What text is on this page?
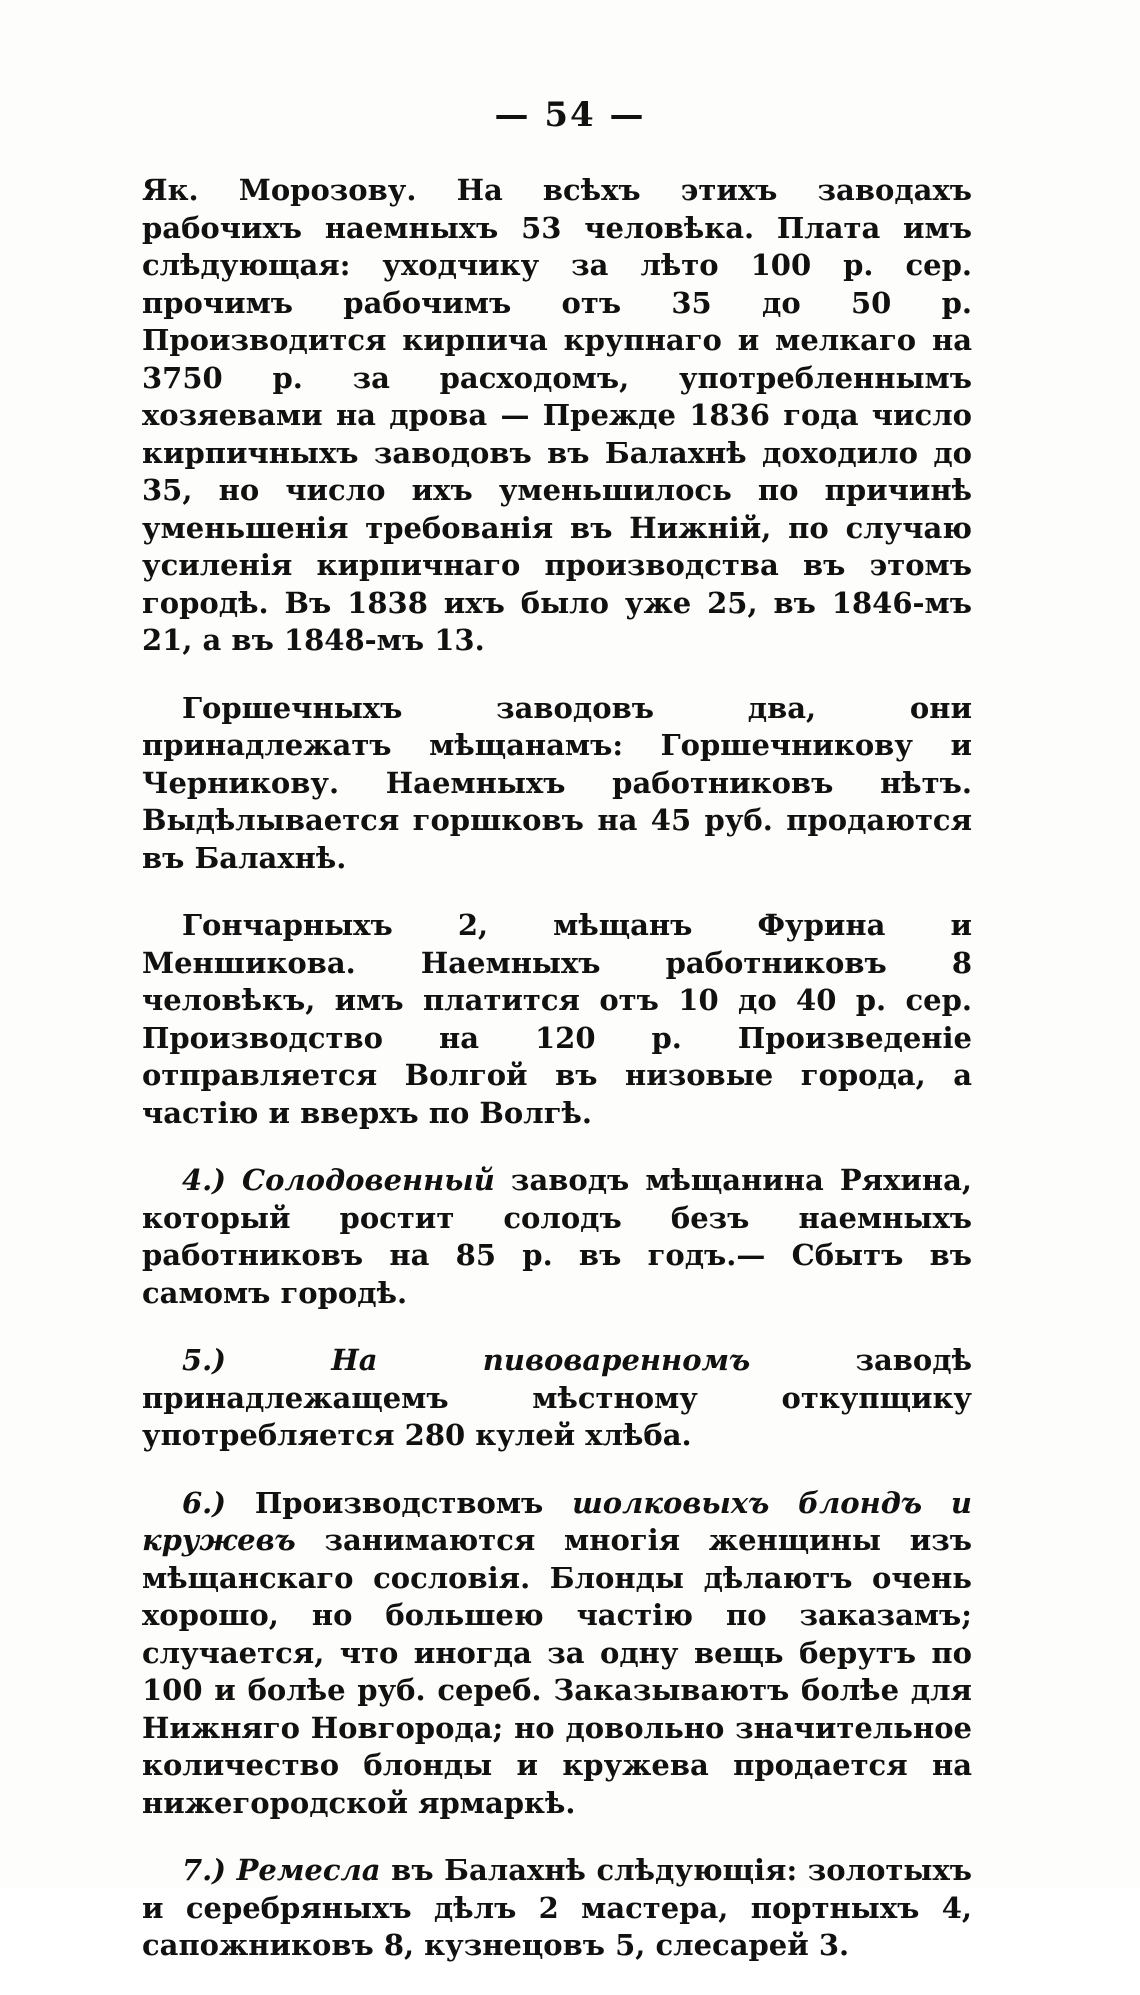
— 54 —

Як. Морозову. На всѣхъ этихъ заводахъ рабочихъ наемныхъ 53 человѣка. Плата имъ слѣдующая: уходчику за лѣто 100 р. сер. прочимъ рабочимъ отъ 35 до 50 р. Производится кирпича крупнаго и мелкаго на 3750 р. за расходомъ, употребленнымъ хозяевами на дрова — Прежде 1836 года число кирпичныхъ заводовъ въ Балахнѣ доходило до 35, но число ихъ уменьшилось по причинѣ уменьшенія требованія въ Нижній, по случаю усиленія кирпичнаго производства въ этомъ городѣ. Въ 1838 ихъ было уже 25, въ 1846-мъ 21, а въ 1848-мъ 13.

Горшечныхъ заводовъ два, они принадлежатъ мѣщанамъ: Горшечникову и Черникову. Наемныхъ работниковъ нѣтъ. Выдѣлывается горшковъ на 45 руб. продаются въ Балахнѣ.

Гончарныхъ 2, мѣщанъ Фурина и Меншикова. Наемныхъ работниковъ 8 человѣкъ, имъ платится отъ 10 до 40 р. сер. Производство на 120 р. Произведенiе отправляется Волгой въ низовые города, а частію и вверхъ по Волгѣ.

4.) Солодовенный заводъ мѣщанина Ряхина, который ростит солодъ безъ наемныхъ работниковъ на 85 р. въ годъ.— Сбытъ въ самомъ городѣ.

5.) На пивоваренномъ заводѣ принадлежащемъ мѣстному откупщику употребляется 280 кулей хлѣба.

6.) Производствомъ шолковыхъ блондъ и кружевъ занимаются многія женщины изъ мѣщанскаго сословія. Блонды дѣлаютъ очень хорошо, но большею частію по заказамъ; случается, что иногда за одну вещь берутъ по 100 и болѣе руб. сереб. Заказываютъ болѣе для Нижняго Новгорода; но довольно значительное количество блонды и кружева продается на нижегородской ярмаркѣ.

7.) Ремесла въ Балахнѣ слѣдующія: золотыхъ и серебряныхъ дѣлъ 2 мастера, портныхъ 4, сапожниковъ 8, кузнецовъ 5, слесарей 3.
